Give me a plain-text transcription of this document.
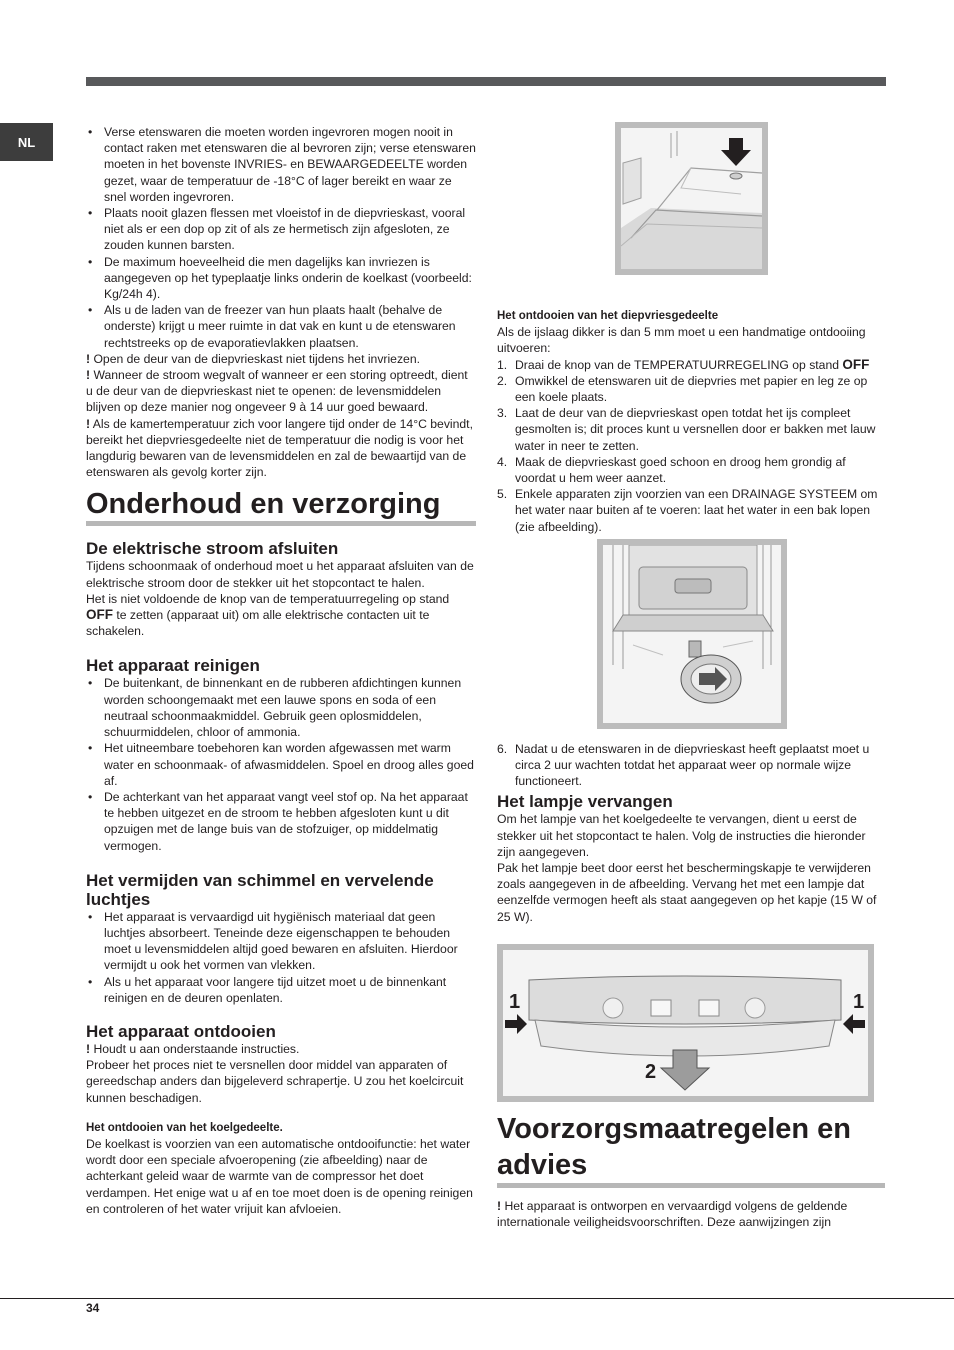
NL
• Verse etenswaren die moeten worden ingevroren mogen nooit in contact raken met etenswaren die al bevroren zijn; verse etenswaren moeten in het bovenste INVRIES- en BEWAARGEDEELTE worden gezet, waar de temperatuur de -18°C of lager bereikt en waar ze snel worden ingevroren.
• Plaats nooit glazen flessen met vloeistof in de diepvrieskast, vooral niet als er een dop op zit of als ze hermetisch zijn afgesloten, ze zouden kunnen barsten.
• De maximum hoeveelheid die men dagelijks kan invriezen is aangegeven op het typeplaatje links onderin de koelkast (voorbeeld: Kg/24h 4).
• Als u de laden van de freezer van hun plaats haalt (behalve de onderste) krijgt u meer ruimte in dat vak en kunt u de etenswaren rechtstreeks op de evaporatievlakken plaatsen.

! Open de deur van de diepvrieskast niet tijdens het invriezen.

! Wanneer de stroom wegvalt of wanneer er een storing optreedt, dient u de deur van de diepvrieskast niet te openen: de levensmiddelen blijven op deze manier nog ongeveer 9 à 14 uur goed bewaard.

! Als de kamertemperatuur zich voor langere tijd onder de 14°C bevindt, bereikt het diepvriesgedeelte niet de temperatuur die nodig is voor het langdurig bewaren van de levensmiddelen en zal de bewaartijd van de etenswaren als gevolg korter zijn.

Onderhoud en verzorging
De elektrische stroom afsluiten

Tijdens schoonmaak of onderhoud moet u het apparaat afsluiten van de elektrische stroom door de stekker uit het stopcontact te halen.

Het is niet voldoende de knop van de temperatuurregeling op stand OFF te zetten (apparaat uit) om alle elektrische contacten uit te schakelen.

Het apparaat reinigen
• De buitenkant, de binnenkant en de rubberen afdichtingen kunnen worden schoongemaakt met een lauwe spons en soda of een neutraal schoonmaakmiddel. Gebruik geen oplosmiddelen, schuurmiddelen, chloor of ammonia.
• Het uitneembare toebehoren kan worden afgewassen met warm water en schoonmaak- of afwasmiddelen. Spoel en droog alles goed af.
• De achterkant van het apparaat vangt veel stof op. Na het apparaat te hebben uitgezet en de stroom te hebben afgesloten kunt u dit opzuigen met de lange buis van de stofzuiger, op middelmatig vermogen.
Het vermijden van schimmel en vervelende luchtjes
• Het apparaat is vervaardigd uit hygiënisch materiaal dat geen luchtjes absorbeert. Teneinde deze eigenschappen te behouden moet u levensmiddelen altijd goed bewaren en afsluiten. Hierdoor vermijdt u ook het vormen van vlekken.
• Als u het apparaat voor langere tijd uitzet moet u de binnenkant reinigen en de deuren openlaten.
Het apparaat ontdooien

! Houdt u aan onderstaande instructies.

Probeer het proces niet te versnellen door middel van apparaten of gereedschap anders dan bijgeleverd schrapertje. U zou het koelcircuit kunnen beschadigen.

Het ontdooien van het koelgedeelte.

De koelkast is voorzien van een automatische ontdooifunctie: het water wordt door een speciale afvoeropening (zie afbeelding) naar de achterkant geleid waar de warmte van de compressor het doet verdampen. Het enige wat u af en toe moet doen is de opening reinigen en controleren of het water vrijuit kan afvloeien.

Het ontdooien van het diepvriesgedeelte

Als de ijslaag dikker is dan 5 mm moet u een handmatige ontdooiing uitvoeren:

1. Draai de knop van de TEMPERATUURREGELING op stand OFF
2. Omwikkel de etenswaren uit de diepvries met papier en leg ze op een koele plaats.
3. Laat de deur van de diepvrieskast open totdat het ijs compleet gesmolten is; dit proces kunt u versnellen door er bakken met lauw water in neer te zetten.
4. Maak de diepvrieskast goed schoon en droog hem grondig af voordat u hem weer aanzet.
5. Enkele apparaten zijn voorzien van een DRAINAGE SYSTEEM om het water naar buiten af te voeren: laat het water in een bak lopen (zie afbeelding).
6. Nadat u de etenswaren in de diepvrieskast heeft geplaatst moet u circa 2 uur wachten totdat het apparaat weer op normale wijze functioneert.
Het lampje vervangen

Om het lampje van het koelgedeelte te vervangen, dient u eerst de stekker uit het stopcontact te halen. Volg de instructies die hieronder zijn aangegeven.

Pak het lampje beet door eerst het beschermingskapje te verwijderen zoals aangegeven in de afbeelding. Vervang het met een lampje dat eenzelfde vermogen heeft als staat aangegeven op het kapje (15 W of 25 W).

1	1
2
Voorzorgsmaatregelen en advies

! Het apparaat is ontworpen en vervaardigd volgens de geldende internationale veiligheidsvoorschriften. Deze aanwijzingen zijn

34
